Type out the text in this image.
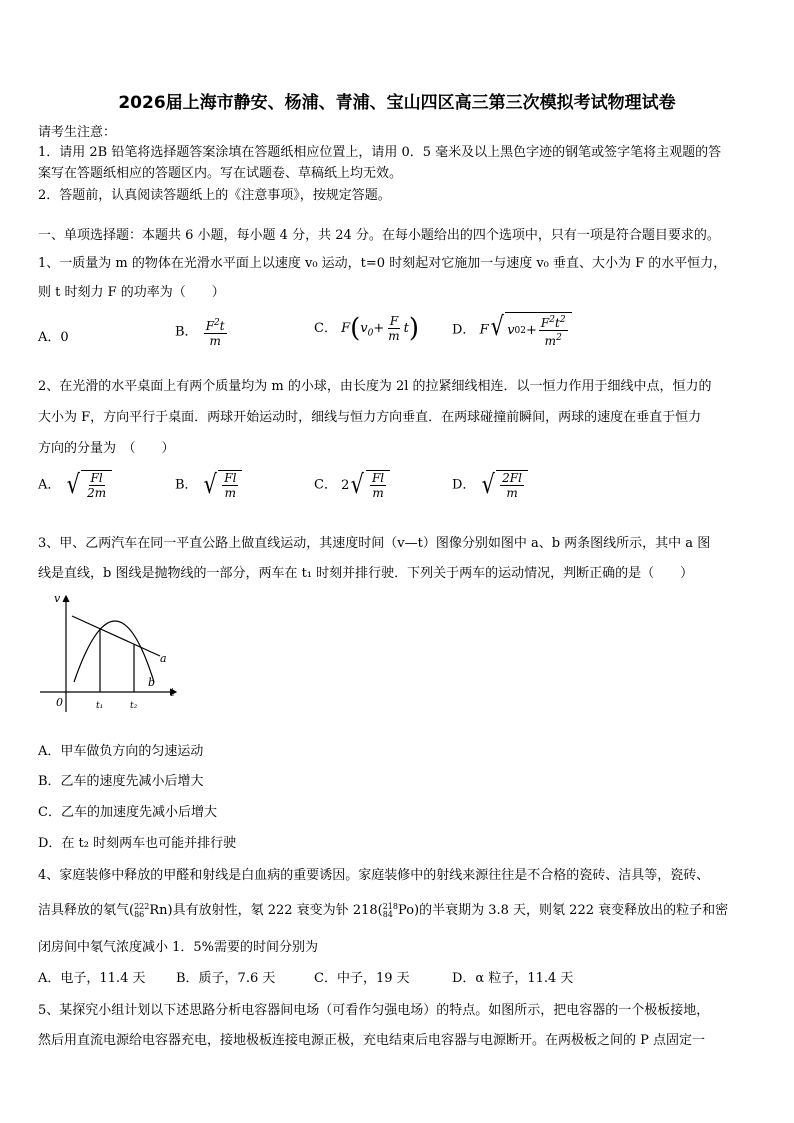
2026届上海市静安、杨浦、青浦、宝山四区高三第三次模拟考试物理试卷
请考生注意：
1．请用 2B 铅笔将选择题答案涂填在答题纸相应位置上，请用 0．5 毫米及以上黑色字迹的钢笔或签字笔将主观题的答
案写在答题纸相应的答题区内。写在试题卷、草稿纸上均无效。
2．答题前，认真阅读答题纸上的《注意事项》，按规定答题。
一、单项选择题：本题共 6 小题，每小题 4 分，共 24 分。在每小题给出的四个选项中，只有一项是符合题目要求的。
1、一质量为 m 的物体在光滑水平面上以速度 v₀ 运动，t=0 时刻起对它施加一与速度 v₀ 垂直、大小为 F 的水平恒力，
则 t 时刻力 F 的功率为（　　）
A．0	B． $\frac{F^2t}{m}$	C． $F(v_0+ \frac{F}{m} t)$	D． F √ v 0 $2 + \frac{F^2t^2}{m^2}$
2、在光滑的水平桌面上有两个质量均为 m 的小球，由长度为 2l 的拉紧细线相连．以一恒力作用于细线中点，恒力的
大小为 F，方向平行于桌面．两球开始运动时，细线与恒力方向垂直．在两球碰撞前瞬间，两球的速度在垂直于恒力
方向的分量为　（　　）
A． √ $\frac{Fl}{2m}$	B． √ $\frac{Fl}{m}$	C． 2 √ $\frac{Fl}{m}$	D． √ $\frac{2Fl}{m}$
3、甲、乙两汽车在同一平直公路上做直线运动，其速度时间（v—t）图像分别如图中 a、b 两条图线所示，其中 a 图
线是直线，b 图线是抛物线的一部分，两车在 t₁ 时刻并排行驶．下列关于两车的运动情况，判断正确的是（　　）
v
t
0	t₁	t₂
a
b
A．甲车做负方向的匀速运动
B．乙车的速度先减小后增大
C．乙车的加速度先减小后增大
D．在 t₂ 时刻两车也可能并排行驶
4、家庭装修中释放的甲醛和射线是白血病的重要诱因。家庭装修中的射线来源往往是不合格的瓷砖、洁具等，瓷砖、
洁具释放的氡气( 222
86 Rn)具有放射性，氡 222 衰变为钋 218( 218
84 Po)的半衰期为 3.8 天，则氡 222 衰变释放出的粒子和密
闭房间中氡气浓度减小 1．5%需要的时间分别为
A．电子，11.4 天 B．质子，7.6 天	C．中子，19 天	D．α 粒子，11.4 天
5、某探究小组计划以下述思路分析电容器间电场（可看作匀强电场）的特点。如图所示，把电容器的一个极板接地，
然后用直流电源给电容器充电，接地极板连接电源正极，充电结束后电容器与电源断开。在两极板之间的 P 点固定一
